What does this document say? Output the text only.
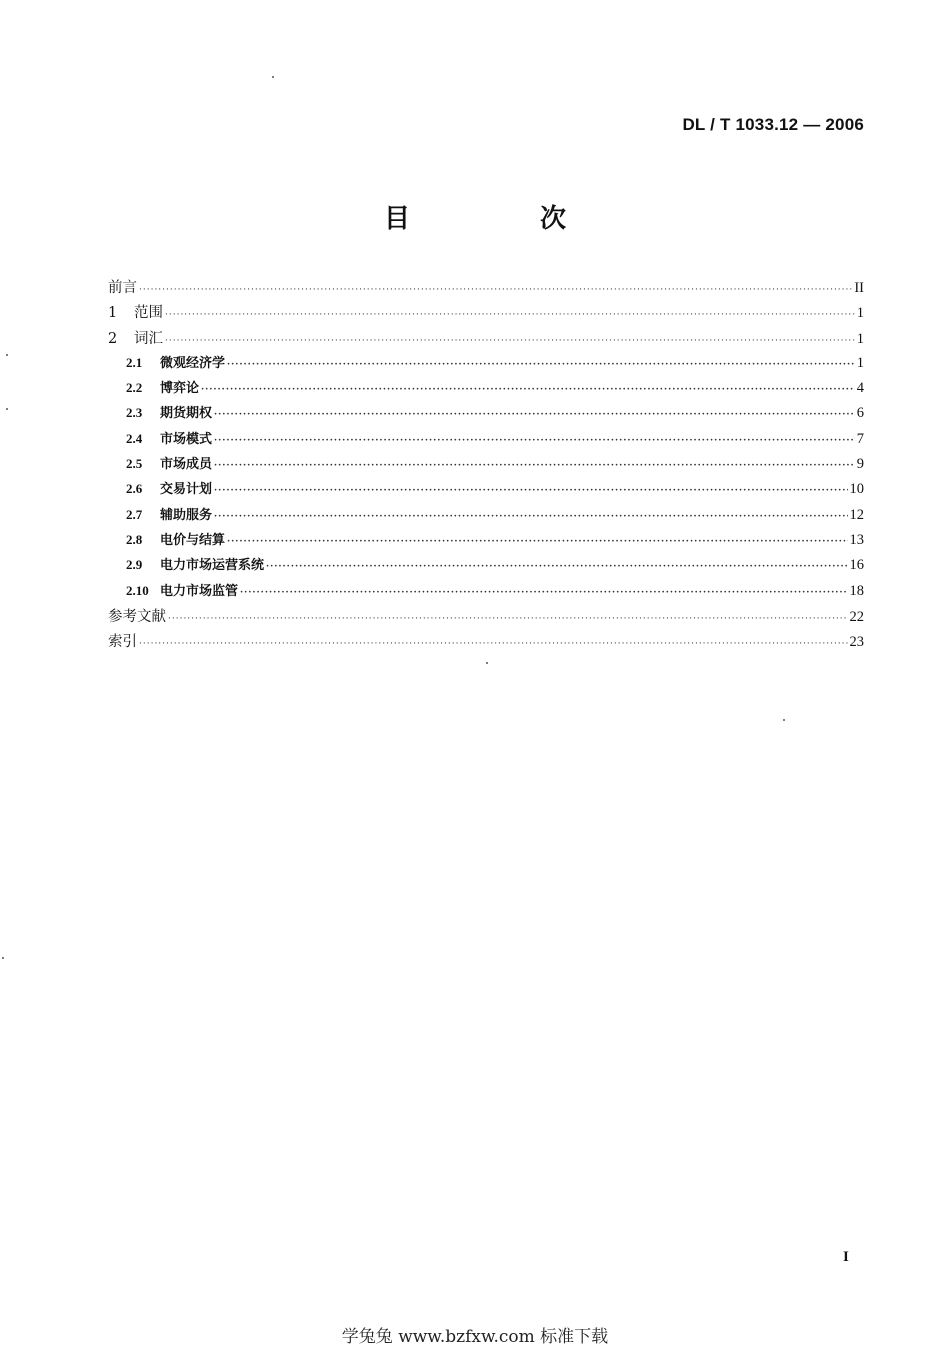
DL / T 1033.12 — 2006
目　次
前言 ·····	II
1	范围 ·····	1
2	词汇 ·····	1
2.1	微观经济学 ·····	1
2.2	博弈论 ·····	4
2.3	期货期权 ·····	6
2.4	市场模式 ·····	7
2.5	市场成员 ·····	9
2.6	交易计划 ·····	10
2.7	辅助服务 ·····	12
2.8	电价与结算 ·····	13
2.9	电力市场运营系统 ·····	16
2.10 电力市场监管 ·····	18
参考文献 ·····	22
索引 ·····	23
I
学兔兔 www.bzfxw.com 标准下载
